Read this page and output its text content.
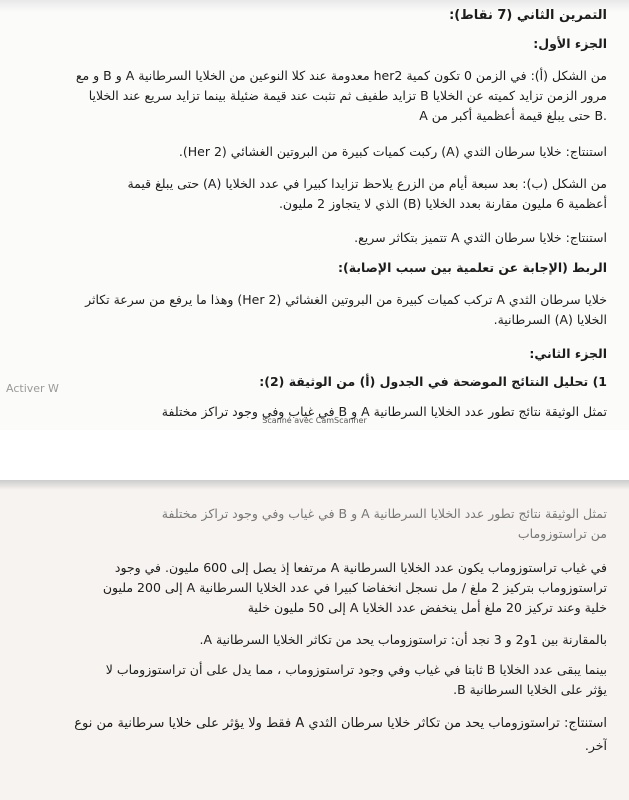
التمرين الثاني (7 نقاط):
الجزء الأول:
من الشكل (أ): في الزمن 0 تكون كمية her2 معدومة عند كلا النوعين من الخلايا السرطانية A و B و مع
مرور الزمن تزايد كميته عن الخلايا B تزايد طفيف ثم تثبت عند قيمة ضئيلة بينما تزايد سريع عند الخلايا
A حتى يبلغ قيمة أعظمية أكبر من B.
استنتاج: خلايا سرطان الثدي (A) ركبت كميات كبيرة من البروتين الغشائي (Her 2).
من الشكل (ب): بعد سبعة أيام من الزرع يلاحظ تزايدا كبيرا في عدد الخلايا (A) حتى يبلغ قيمة
أعظمية 6 مليون مقارنة بعدد الخلايا (B) الذي لا يتجاوز 2 مليون.
استنتاج: خلايا سرطان الثدي A تتميز بتكاثر سريع.
الربط (الإجابة عن تعلمية بين سبب الإصابة):
خلايا سرطان الثدي A تركب كميات كبيرة من البروتين الغشائي (Her 2) وهذا ما يرفع من سرعة تكاثر
الخلايا (A) السرطانية.
الجزء الثاني:
1) تحليل النتائج الموضحة في الجدول (أ) من الوثيقة (2):
تمثل الوثيقة نتائج تطور عدد الخلايا السرطانية A و B في غياب وفي وجود تراكز مختلفة
Activer W
Scanné avec CamScanner
تمثل الوثيقة نتائج تطور عدد الخلايا السرطانية A و B في غياب وفي وجود تراكز مختلفة
من تراستوزوماب
في غياب تراستوزوماب يكون عدد الخلايا السرطانية A مرتفعا إذ يصل إلى 600 مليون. في وجود
تراستوزوماب بتركيز 2 ملغ / مل نسجل انخفاضا كبيرا في عدد الخلايا السرطانية A إلى 200 مليون
خلية وعند تركيز 20 ملغ أمل ينخفض عدد الخلايا A إلى 50 مليون خلية
بالمقارنة بين 1و2 و 3 نجد أن: تراستوزوماب يحد من تكاثر الخلايا السرطانية A.
بينما يبقى عدد الخلايا B ثابتا في غياب وفي وجود تراستوزوماب ، مما يدل على أن تراستوزوماب لا
يؤثر على الخلايا السرطانية B.
استنتاج: تراستوزوماب يحد من تكاثر خلايا سرطان الثدي A فقط ولا يؤثر على خلايا سرطانية من نوع
آخر.
